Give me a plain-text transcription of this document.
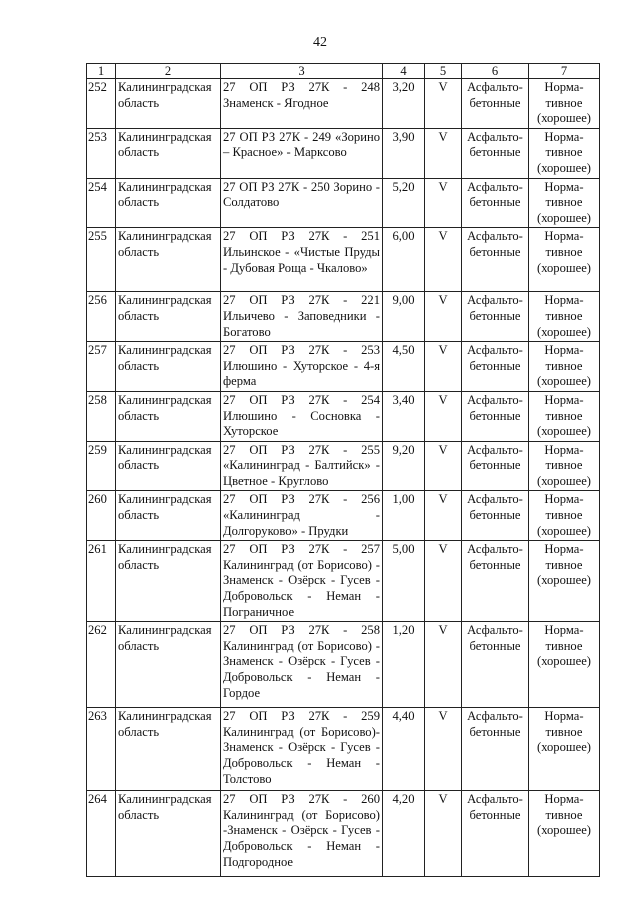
42
1	2	3	4	5	6	7
252	Калининградская область	27 ОП РЗ 27К - 248 Знаменск - Ягодное	3,20	V	Асфальто-бетонные	Норма-тивное (хорошее)
253	Калининградская область	27 ОП РЗ 27К - 249 «Зорино – Красное» - Марксово	3,90	V	Асфальто-бетонные	Норма-тивное (хорошее)
254	Калининградская область	27 ОП РЗ 27К - 250 Зорино - Солдатово	5,20	V	Асфальто-бетонные	Норма-тивное (хорошее)
255	Калининградская область	27 ОП РЗ 27К - 251 Ильинское - «Чистые Пруды - Дубовая Роща - Чкалово»	6,00	V	Асфальто-бетонные	Норма-тивное (хорошее)
256	Калининградская область	27 ОП РЗ 27К - 221 Ильичево - Заповедники - Богатово	9,00	V	Асфальто-бетонные	Норма-тивное (хорошее)
257	Калининградская область	27 ОП РЗ 27К - 253 Илюшино - Хуторское - 4-я ферма	4,50	V	Асфальто-бетонные	Норма-тивное (хорошее)
258	Калининградская область	27 ОП РЗ 27К - 254 Илюшино - Сосновка - Хуторское	3,40	V	Асфальто-бетонные	Норма-тивное (хорошее)
259	Калининградская область	27 ОП РЗ 27К - 255 «Калининград - Балтийск» - Цветное - Круглово	9,20	V	Асфальто-бетонные	Норма-тивное (хорошее)
260	Калининградская область	27 ОП РЗ 27К - 256 «Калининград - Долгоруково» - Прудки	1,00	V	Асфальто-бетонные	Норма-тивное (хорошее)
261	Калининградская область	27 ОП РЗ 27К - 257 Калининград (от Борисово) - Знаменск - Озёрск - Гусев - Добровольск - Неман - Пограничное	5,00	V	Асфальто-бетонные	Норма-тивное (хорошее)
262	Калининградская область	27 ОП РЗ 27К - 258 Калининград (от Борисово) - Знаменск - Озёрск - Гусев - Добровольск - Неман - Гордое	1,20	V	Асфальто-бетонные	Норма-тивное (хорошее)
263	Калининградская область	27 ОП РЗ 27К - 259 Калининград (от Борисово)- Знаменск - Озёрск - Гусев - Добровольск - Неман - Толстово	4,40	V	Асфальто-бетонные	Норма-тивное (хорошее)
264	Калининградская область	27 ОП РЗ 27К - 260 Калининград (от Борисово) -Знаменск - Озёрск - Гусев - Добровольск - Неман - Подгородное	4,20	V	Асфальто-бетонные	Норма-тивное (хорошее)
